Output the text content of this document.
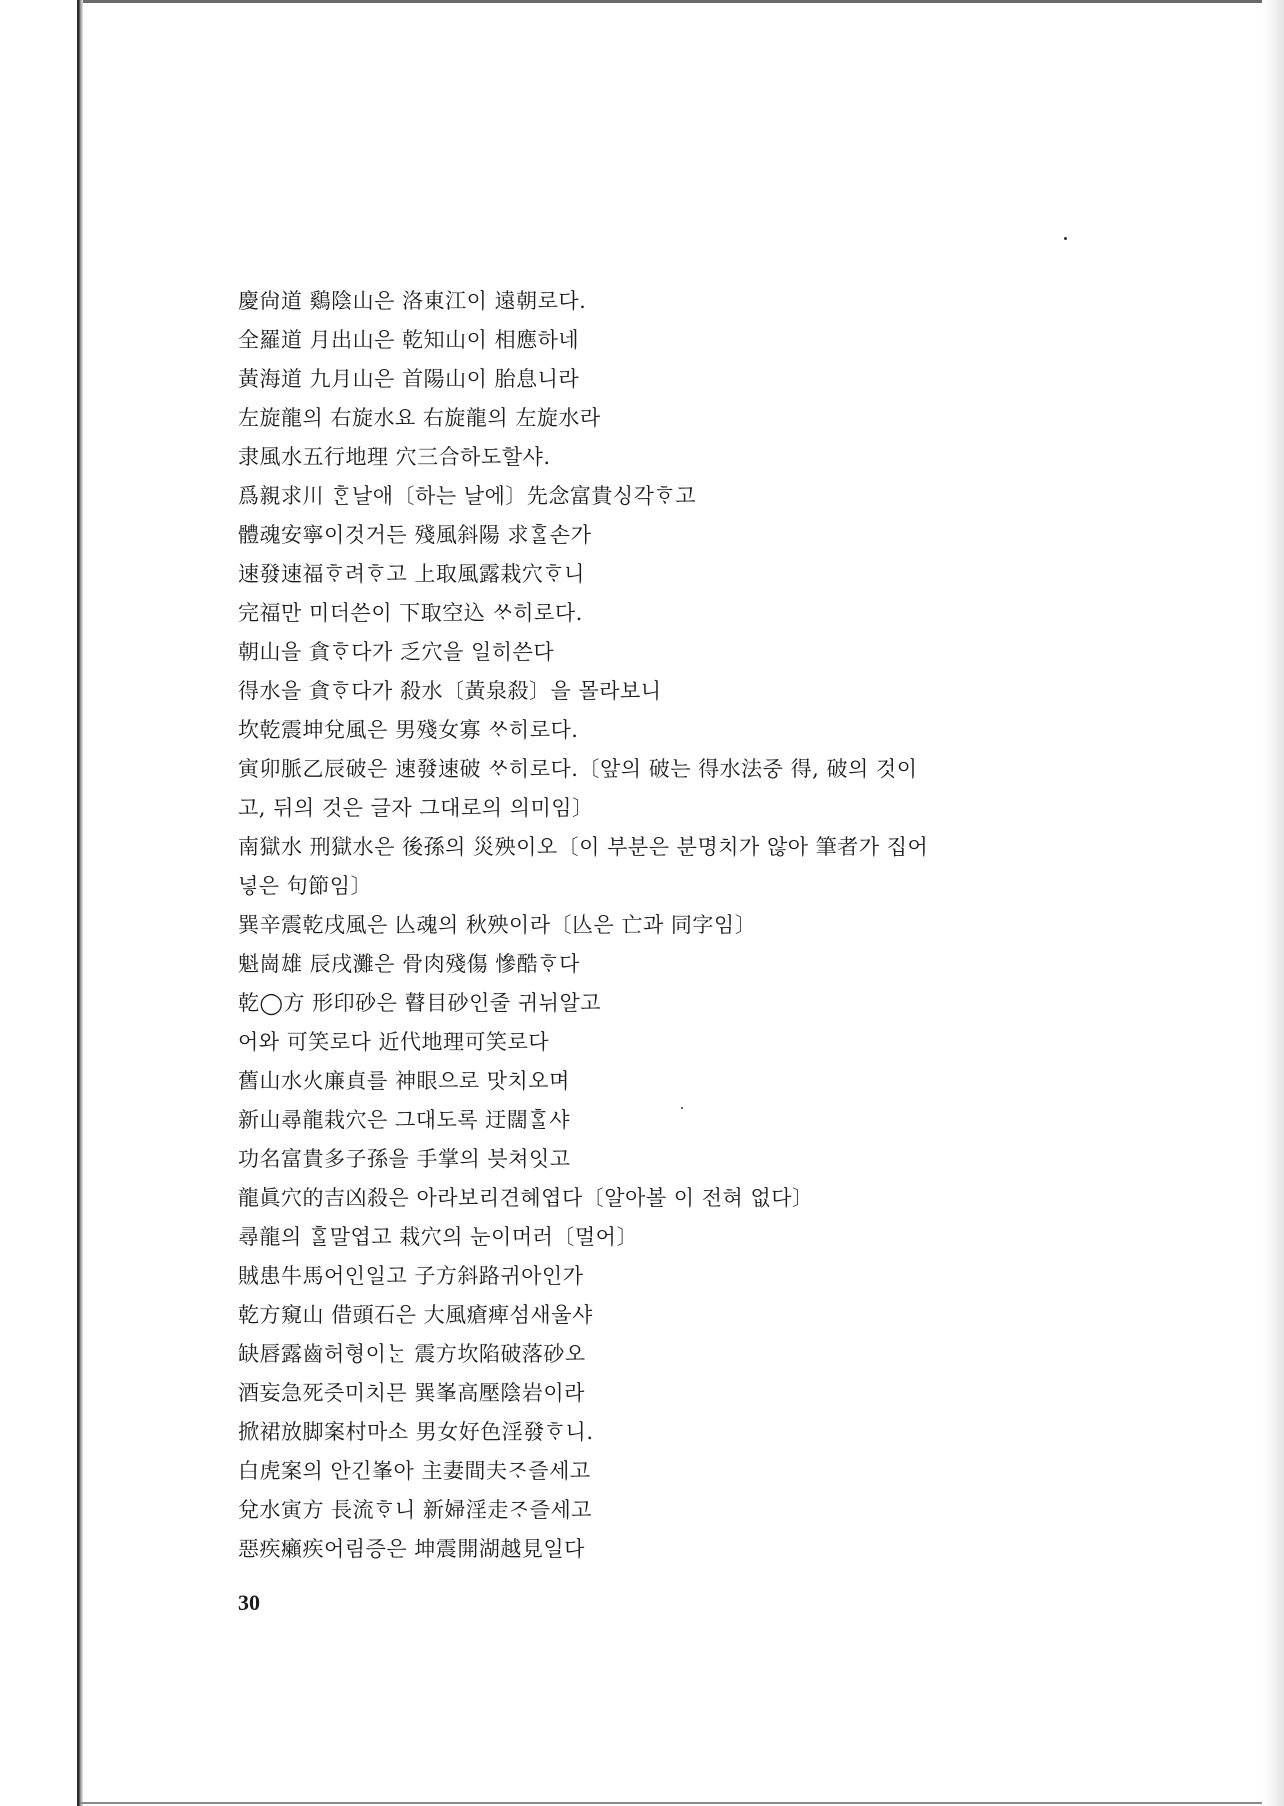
慶尙道 鷄陰山은 洛東江이 遠朝로다.
全羅道 月出山은 乾知山이 相應하네
黃海道 九月山은 首陽山이 胎息니라
左旋龍의 右旋水요 右旋龍의 左旋水라
隶風水五行地理 穴三合하도할샤.
爲親求川 ᄒᆞᆫ날애〔하는 날에〕先念富貴싱각ᄒᆞ고
體魂安寧이것거든 殘風斜陽 求ᄒᆞᆯ손가
速發速福ᄒᆞ려ᄒᆞ고 上取風露栽穴ᄒᆞ니
完福만 미더쓴이 下取空込 ᄊᆞ히로다.
朝山을 貪ᄒᆞ다가 乏穴을 일히쓴다
得水을 貪ᄒᆞ다가 殺水〔黃泉殺〕을 몰라보니
坎乾震坤兌風은 男殘女寡 ᄊᆞ히로다.
寅卯脈乙辰破은 速發速破 ᄊᆞ히로다.〔앞의 破는 得水法중 得, 破의 것이
고, 뒤의 것은 글자 그대로의 의미임〕
南獄水 刑獄水은 後孫의 災殃이오〔이 부분은 분명치가 않아 筆者가 집어
넣은 句節임〕
巽辛震乾戌風은 亾魂의 秋殃이라〔亾은 亡과 同字임〕
魁崗雄 辰戌灘은 骨肉殘傷 慘酷ᄒᆞ다
乾◯方 形印砂은 瞽目砂인줄 귀뉘알고
어와 可笑로다 近代地理可笑로다
舊山水火廉貞를 神眼으로 맛치오며
新山尋龍栽穴은 그대도록 迂闊ᄒᆞᆯ샤
功名富貴多子孫을 手掌의 븟쳐잇고
龍眞穴的吉凶殺은 아라보리견혜엽다〔알아볼 이 전혀 없다〕
尋龍의 ᄒᆞᆯ말엽고 栽穴의 눈이머러〔멀어〕
賊患牛馬어인일고 子方斜路귀아인가
乾方窺山 借頭石은 大風瘡痺섬새울샤
缺唇露齒허형이ᄂᆞᆫ 震方坎陷破落砂오
酒妄急死즛미치믄 巽峯高壓陰岩이라
掀裙放脚案村마소 男女好色淫發ᄒᆞ니.
白虎案의 안긴峯아 主妻間夫ᄌᆞ즐세고
兌水寅方 長流ᄒᆞ니 新婦淫走ᄌᆞ즐세고
惡疾癩疾어림증은 坤震開湖越見일다
30
